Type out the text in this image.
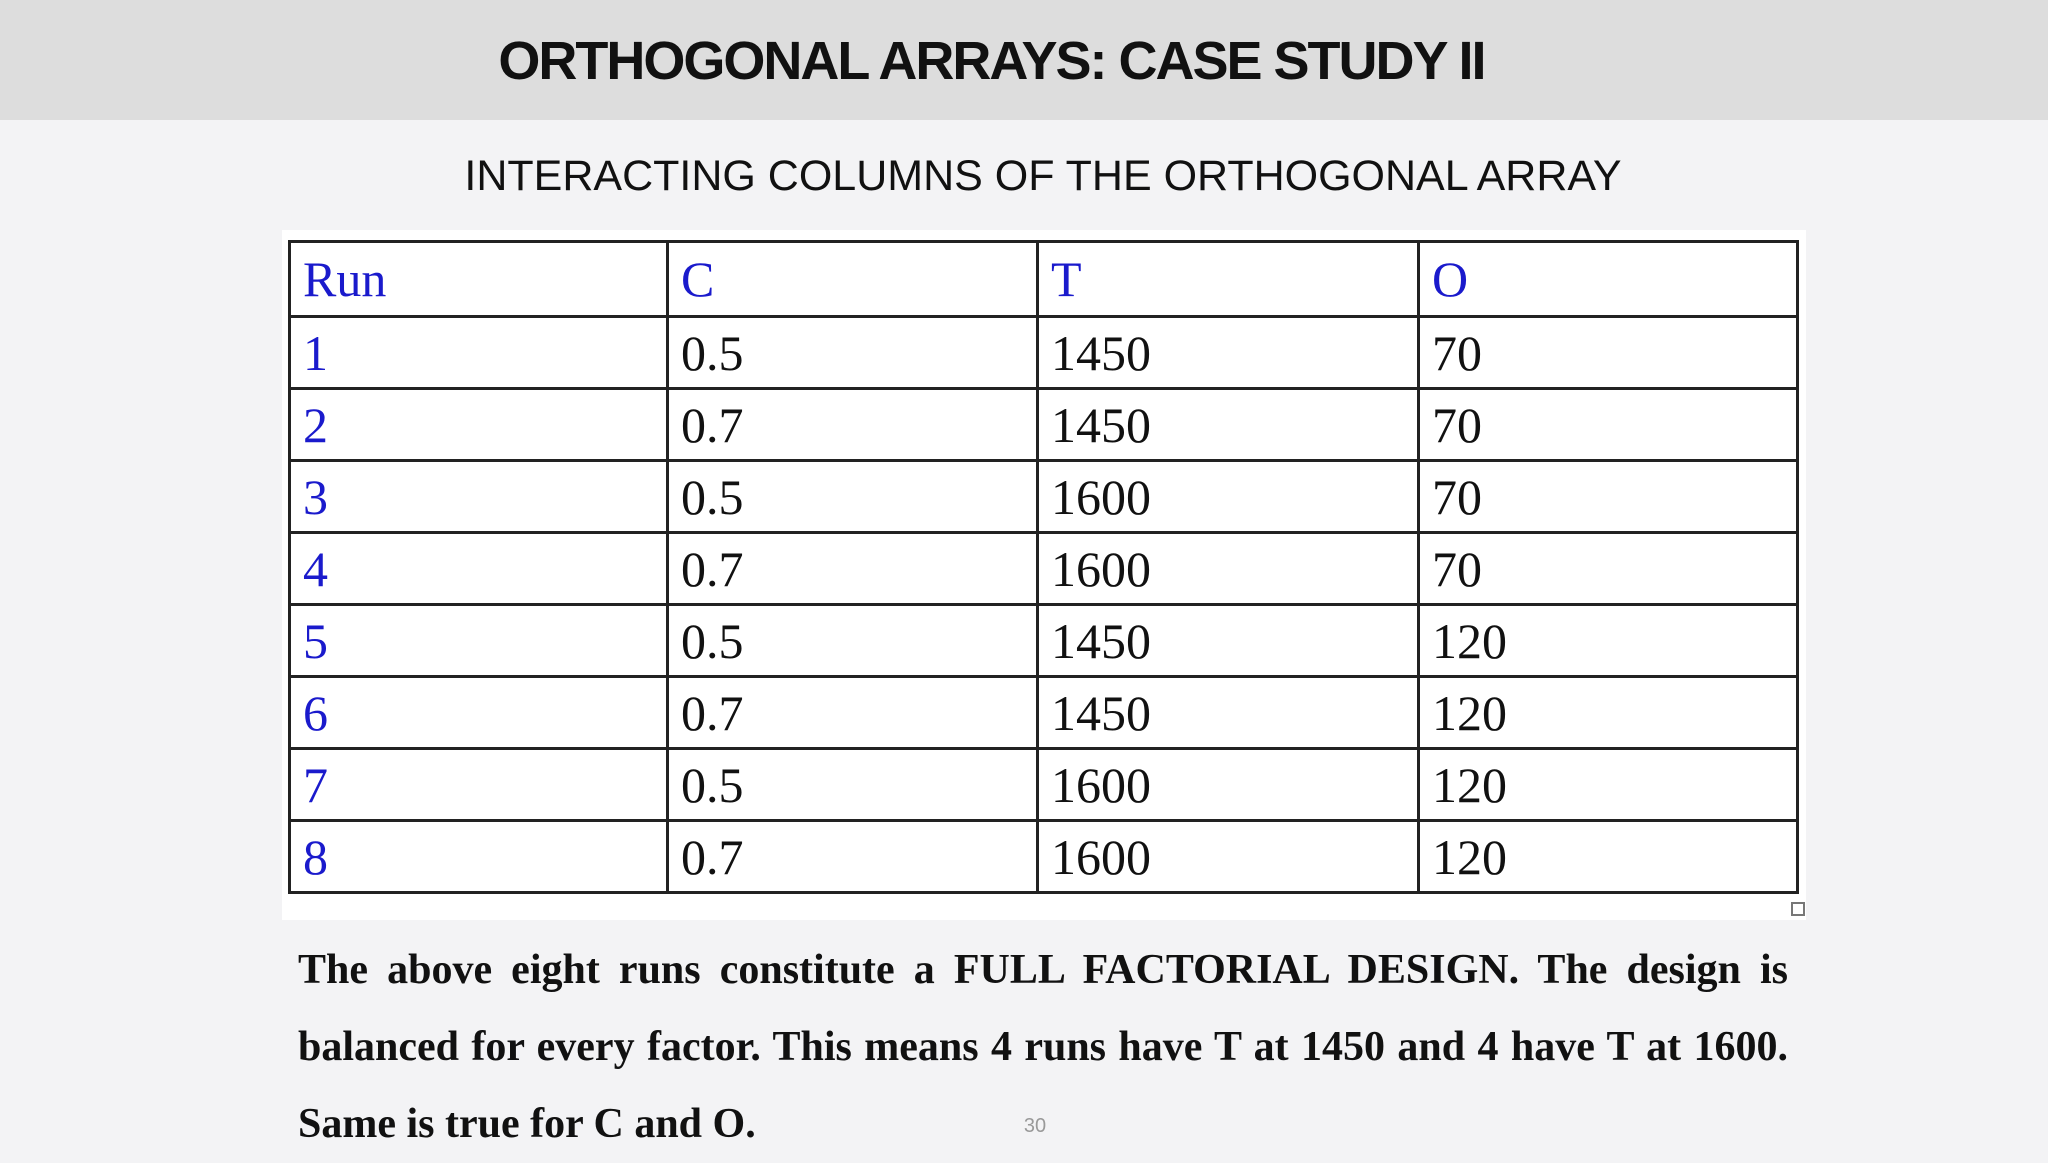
ORTHOGONAL ARRAYS: CASE STUDY II
INTERACTING COLUMNS OF THE ORTHOGONAL ARRAY
Run	C	T	O
1	0.5	1450	70
2	0.7	1450	70
3	0.5	1600	70
4	0.7	1600	70
5	0.5	1450	120
6	0.7	1450	120
7	0.5	1600	120
8	0.7	1600	120
The above eight runs constitute a FULL FACTORIAL DESIGN. The design is balanced for every factor. This means 4 runs have T at 1450 and 4 have T at 1600. Same is true for C and O.	30
